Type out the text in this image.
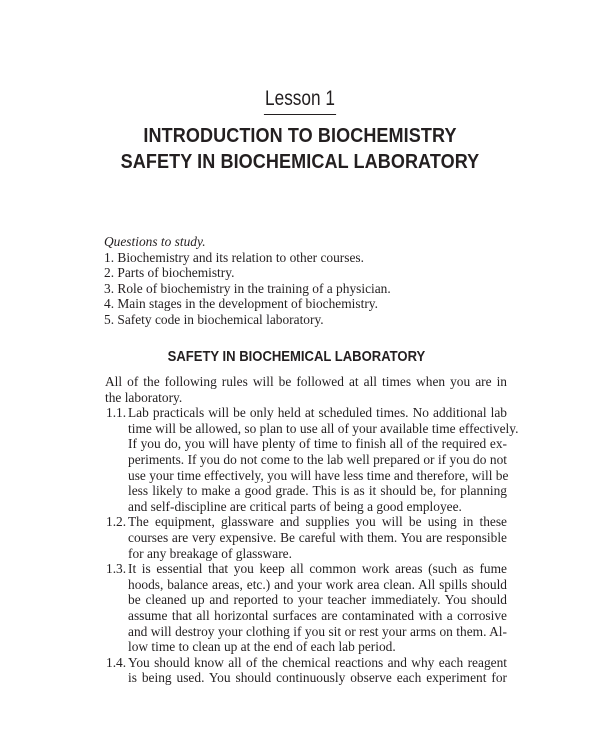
Lesson 1
INTRODUCTION TO BIOCHEMISTRY
SAFETY IN BIOCHEMICAL LABORATORY
Questions to study.
1. Biochemistry and its relation to other courses.
2. Parts of biochemistry.
3. Role of biochemistry in the training of a physician.
4. Main stages in the development of biochemistry.
5. Safety code in biochemical laboratory.
SAFETY IN BIOCHEMICAL LABORATORY
All of the following rules will be followed at all times when you are in
the laboratory.
1.1. Lab practicals will be only held at scheduled times. No additional lab
time will be allowed, so plan to use all of your available time effectively.
If you do, you will have plenty of time to finish all of the required ex-
periments. If you do not come to the lab well prepared or if you do not
use your time effectively, you will have less time and therefore, will be
less likely to make a good grade. This is as it should be, for planning
and self-discipline are critical parts of being a good employee.
1.2. The equipment, glassware and supplies you will be using in these
courses are very expensive. Be careful with them. You are responsible
for any breakage of glassware.
1.3. It is essential that you keep all common work areas (such as fume
hoods, balance areas, etc.) and your work area clean. All spills should
be cleaned up and reported to your teacher immediately. You should
assume that all horizontal surfaces are contaminated with a corrosive
and will destroy your clothing if you sit or rest your arms on them. Al-
low time to clean up at the end of each lab period.
1.4. You should know all of the chemical reactions and why each reagent
is being used. You should continuously observe each experiment for
